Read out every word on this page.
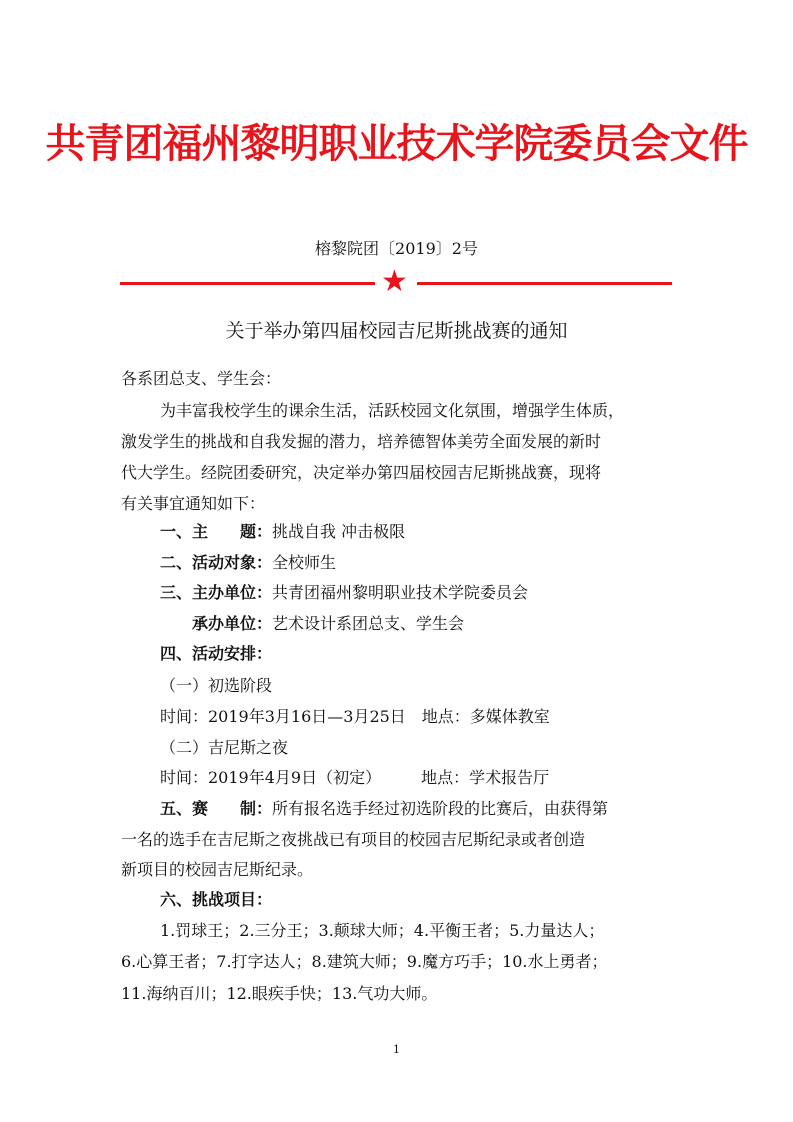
共青团福州黎明职业技术学院委员会文件
榕黎院团〔2019〕2号
★
关于举办第四届校园吉尼斯挑战赛的通知
各系团总支、学生会：
为丰富我校学生的课余生活，活跃校园文化氛围，增强学生体质，
激发学生的挑战和自我发掘的潜力，培养德智体美劳全面发展的新时
代大学生。经院团委研究，决定举办第四届校园吉尼斯挑战赛，现将
有关事宜通知如下：
一、主　　题：挑战自我 冲击极限
二、活动对象：全校师生
三、主办单位：共青团福州黎明职业技术学院委员会
承办单位：艺术设计系团总支、学生会
四、活动安排：
（一）初选阶段
时间：2019年3月16日—3月25日　地点：多媒体教室
（二）吉尼斯之夜
时间：2019年4月9日（初定）　　　地点：学术报告厅
五、赛　　制：所有报名选手经过初选阶段的比赛后，由获得第
一名的选手在吉尼斯之夜挑战已有项目的校园吉尼斯纪录或者创造
新项目的校园吉尼斯纪录。
六、挑战项目：
1.罚球王；2.三分王；3.颠球大师；4.平衡王者；5.力量达人；
6.心算王者；7.打字达人；8.建筑大师；9.魔方巧手；10.水上勇者；
11.海纳百川；12.眼疾手快；13.气功大师。
1
